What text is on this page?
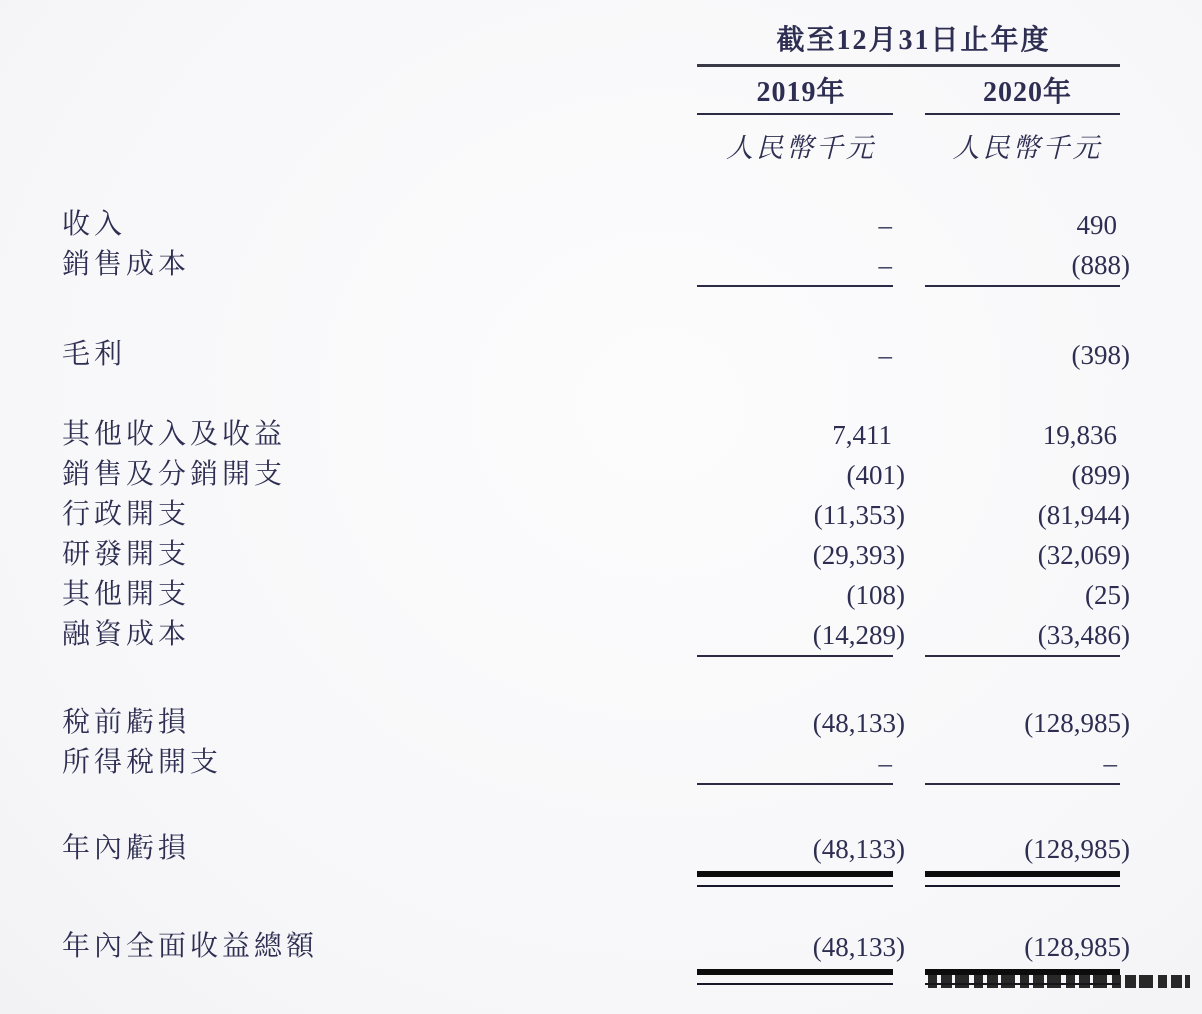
截至12月31日止年度
2019年	2020年
人民幣千元	人民幣千元
收入	–	490
銷售成本	–	(888)
毛利	–	(398)
其他收入及收益	7,411	19,836
銷售及分銷開支	(401)	(899)
行政開支	(11,353)	(81,944)
研發開支	(29,393)	(32,069)
其他開支	(108)	(25)
融資成本	(14,289)	(33,486)
稅前虧損	(48,133)	(128,985)
所得稅開支	–	–
年內虧損	(48,133)	(128,985)
年內全面收益總額	(48,133)	(128,985)
